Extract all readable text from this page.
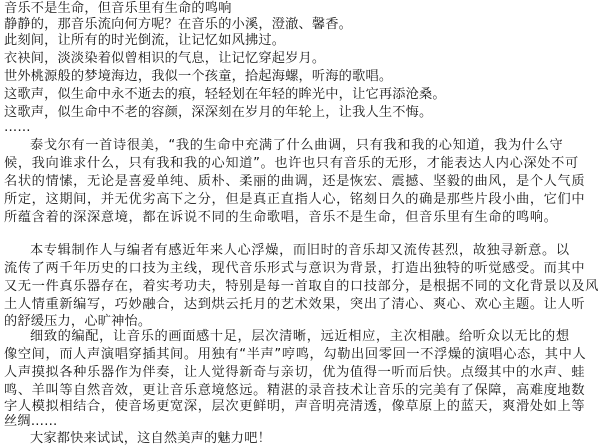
音乐不是生命，但音乐里有生命的鸣响

静静的，那音乐流向何方呢？在音乐的小溪，澄澈、馨香。

此刻间，让所有的时光倒流，让记忆如风拂过。

衣袂间，淡淡染着似曾相识的气息，让记忆穿起岁月。

世外桃源般的梦境海边，我似一个孩童，拾起海螺，听海的歌唱。

这歌声，似生命中永不逝去的痕，轻轻划在年轻的眸光中，让它再添沧桑。

这歌声，似生命中不老的容颜，深深刻在岁月的年轮上，让我人生不悔。

……

泰戈尔有一首诗很美，“我的生命中充满了什么曲调，只有我和我的心知道，我为什么守

候，我向谁求什么，只有我和我的心知道”。也许也只有音乐的无形，才能表达人内心深处不可

名状的情愫，无论是喜爱单纯、质朴、柔丽的曲调，还是恢宏、震撼、坚毅的曲风，是个人气质

所定，这期间，并无优劣高下之分，但是真正直指人心，铭刻日久的确是那些片段小曲，它们中

所蕴含着的深深意境，都在诉说不同的生命歌唱，音乐不是生命，但音乐里有生命的鸣响。

本专辑制作人与编者有感近年来人心浮燥，而旧时的音乐却又流传甚烈，故独寻新意。以

流传了两千年历史的口技为主线，现代音乐形式与意识为背景，打造出独特的听觉感受。而其中

又无一件真乐器存在，着实考功夫，特别是每一首取自的口技部分，是根据不同的文化背景以及风

土人情重新编写，巧妙融合，达到烘云托月的艺术效果，突出了清心、爽心、欢心主题。让人听

的舒缓压力，心旷神怡。

细致的编配，让音乐的画面感十足，层次清晰，远近相应，主次相融。给听众以无比的想

像空间，而人声演唱穿插其间。用独有“半声”哼鸣，勾勒出回零回一不浮燥的演唱心态，其中人

人声摸拟各种乐器作为伴奏，让人觉得新奇与亲切，优为值得一听而后快。点缀其中的水声、蛙

鸣、羊叫等自然音效，更让音乐意境悠远。精湛的录音技术让音乐的完美有了保障，高难度地数

字人模拟相结合，使音场更宽深，层次更鲜明，声音明亮清透，像草原上的蓝天，爽滑处如上等

丝绸……

大家都快来试试，这自然美声的魅力吧！
